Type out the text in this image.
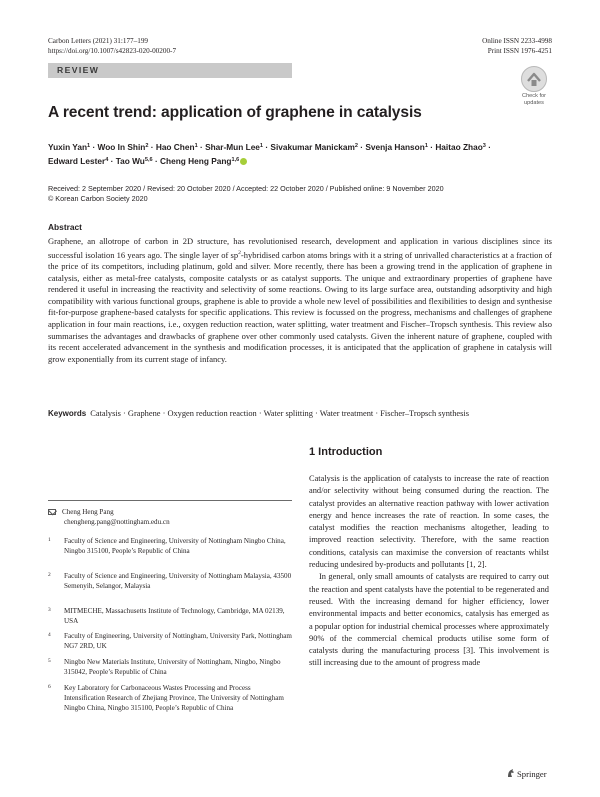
Carbon Letters (2021) 31:177–199
https://doi.org/10.1007/s42823-020-00200-7
Online ISSN 2233-4998
Print ISSN 1976-4251
REVIEW
Check for
updates
A recent trend: application of graphene in catalysis
Yuxin Yan$^1$ · Woo In Shin$^2$ · Hao Chen$^1$ · Shar‑Mun Lee$^1$ · Sivakumar Manickam$^2$ · Svenja Hanson$^1$ · Haitao Zhao$^3$ ·
Edward Lester$^4$ · Tao Wu$^{5,6}$ · Cheng Heng Pang$^{1,6}$
Received: 2 September 2020 / Revised: 20 October 2020 / Accepted: 22 October 2020 / Published online: 9 November 2020
© Korean Carbon Society 2020
Abstract
Graphene, an allotrope of carbon in 2D structure, has revolutionised research, development and application in various disciplines since its successful isolation 16 years ago. The single layer of $sp^2$-hybridised carbon atoms brings with it a string of unrivalled characteristics at a fraction of the price of its competitors, including platinum, gold and silver. More recently, there has been a growing trend in the application of graphene in catalysis, either as metal-free catalysts, composite catalysts or as catalyst supports. The unique and extraordinary properties of graphene have rendered it useful in increasing the reactivity and selectivity of some reactions. Owing to its large surface area, outstanding adsorptivity and high compatibility with various functional groups, graphene is able to provide a whole new level of possibilities and flexibilities to design and synthesise fit-for-purpose graphene-based catalysts for specific applications. This review is focussed on the progress, mechanisms and challenges of graphene application in four main reactions, i.e., oxygen reduction reaction, water splitting, water treatment and Fischer–Tropsch synthesis. This review also summarises the advantages and drawbacks of graphene over other commonly used catalysts. Given the inherent nature of graphene, coupled with its recent accelerated advancement in the synthesis and modification processes, it is anticipated that the application of graphene in catalysis will grow exponentially from its current stage of infancy.
Keywords Catalysis · Graphene · Oxygen reduction reaction · Water splitting · Water treatment · Fischer–Tropsch synthesis
1 Introduction

Catalysis is the application of catalysts to increase the rate of reaction and/or selectivity without being consumed during the reaction. The catalyst provides an alternative reaction pathway with lower activation energy and hence increases the rate of reaction. In some cases, the catalyst modifies the reaction mechanisms altogether, leading to improved reaction selectivity. Therefore, with the same reaction conditions, catalysis can maximise the conversion of reactants whilst reducing undesired by-products and pollutants [1, 2].

In general, only small amounts of catalysts are required to carry out the reaction and spent catalysts have the potential to be regenerated and reused. With the increasing demand for higher efficiency, lower environmental impacts and better economics, catalysis has emerged as a popular option for industrial chemical processes where approximately 90% of the commercial chemical products utilise some form of catalysts during the manufacturing process [3]. This involvement is still increasing due to the amount of progress made

Cheng Heng Pang
chengheng.pang@nottingham.edu.cn
1 Faculty of Science and Engineering, University of Nottingham Ningbo China, Ningbo 315100, People’s Republic of China
2 Faculty of Science and Engineering, University of Nottingham Malaysia, 43500 Semenyih, Selangor, Malaysia
3 MITMECHE, Massachusetts Institute of Technology, Cambridge, MA 02139, USA
4 Faculty of Engineering, University of Nottingham, University Park, Nottingham NG7 2RD, UK
5 Ningbo New Materials Institute, University of Nottingham, Ningbo, Ningbo 315042, People’s Republic of China
6 Key Laboratory for Carbonaceous Wastes Processing and Process Intensification Research of Zhejiang Province, The University of Nottingham Ningbo China, Ningbo 315100, People’s Republic of China
Springer
